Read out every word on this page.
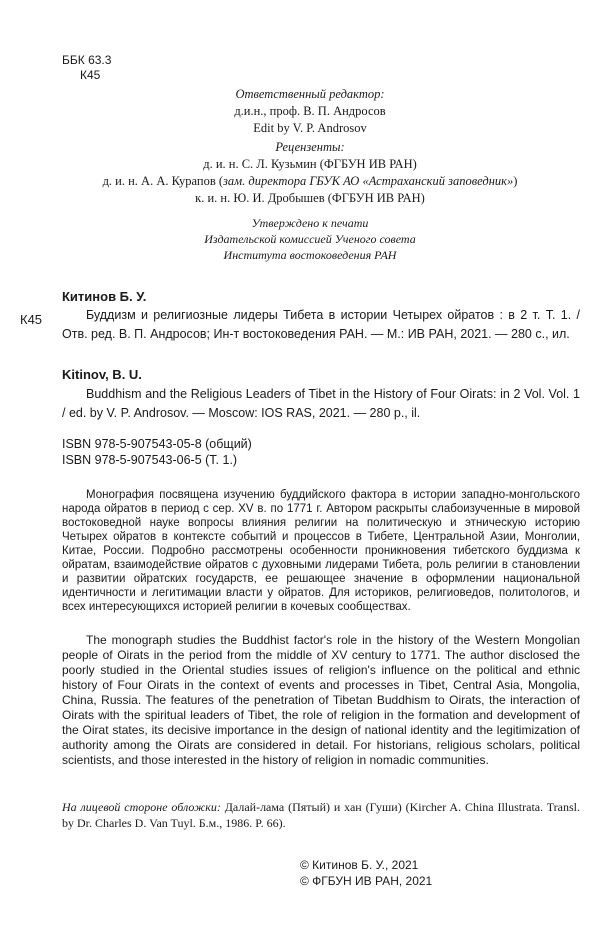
ББК 63.3
К45
Ответственный редактор:
д.и.н., проф. В. П. Андросов
Edit by V. P. Androsov
Рецензенты:
д. и. н. С. Л. Кузьмин (ФГБУН ИВ РАН)
д. и. н. А. А. Курапов (зам. директора ГБУК АО «Астраханский заповедник»)
к. и. н. Ю. И. Дробышев (ФГБУН ИВ РАН)
Утверждено к печати
Издательской комиссией Ученого совета
Института востоковедения РАН
Китинов Б. У.
К45	Буддизм и религиозные лидеры Тибета в истории Четырех ойратов : в 2 т. Т. 1. / Отв. ред. В. П. Андросов; Ин-т востоковедения РАН. — М.: ИВ РАН, 2021. — 280 с., ил.
Kitinov, B. U.
Buddhism and the Religious Leaders of Tibet in the History of Four Oirats: in 2 Vol. Vol. 1 / ed. by V. P. Androsov. — Moscow: IOS RAS, 2021. — 280 p., il.
ISBN 978-5-907543-05-8 (общий)
ISBN 978-5-907543-06-5 (Т. 1.)
Монография посвящена изучению буддийского фактора в истории западно-монгольского народа ойратов в период с сер. XV в. по 1771 г. Автором раскрыты слабоизученные в мировой востоковедной науке вопросы влияния религии на политическую и этническую историю Четырех ойратов в контексте событий и процессов в Тибете, Центральной Азии, Монголии, Китае, России. Подробно рассмотрены особенности проникновения тибетского буддизма к ойратам, взаимодействие ойратов с духовными лидерами Тибета, роль религии в становлении и развитии ойратских государств, ее решающее значение в оформлении национальной идентичности и легитимации власти у ойратов. Для историков, религиоведов, политологов, и всех интересующихся историей религии в кочевых сообществах.
The monograph studies the Buddhist factor's role in the history of the Western Mongolian people of Oirats in the period from the middle of XV century to 1771. The author disclosed the poorly studied in the Oriental studies issues of religion's influence on the political and ethnic history of Four Oirats in the context of events and processes in Tibet, Central Asia, Mongolia, China, Russia. The features of the penetration of Tibetan Buddhism to Oirats, the interaction of Oirats with the spiritual leaders of Tibet, the role of religion in the formation and development of the Oirat states, its decisive importance in the design of national identity and the legitimization of authority among the Oirats are considered in detail. For historians, religious scholars, political scientists, and those interested in the history of religion in nomadic communities.
На лицевой стороне обложки: Далай-лама (Пятый) и хан (Гуши) (Kircher A. China Illustrata. Transl. by Dr. Charles D. Van Tuyl. Б.м., 1986. P. 66).
© Китинов Б. У., 2021
© ФГБУН ИВ РАН, 2021
